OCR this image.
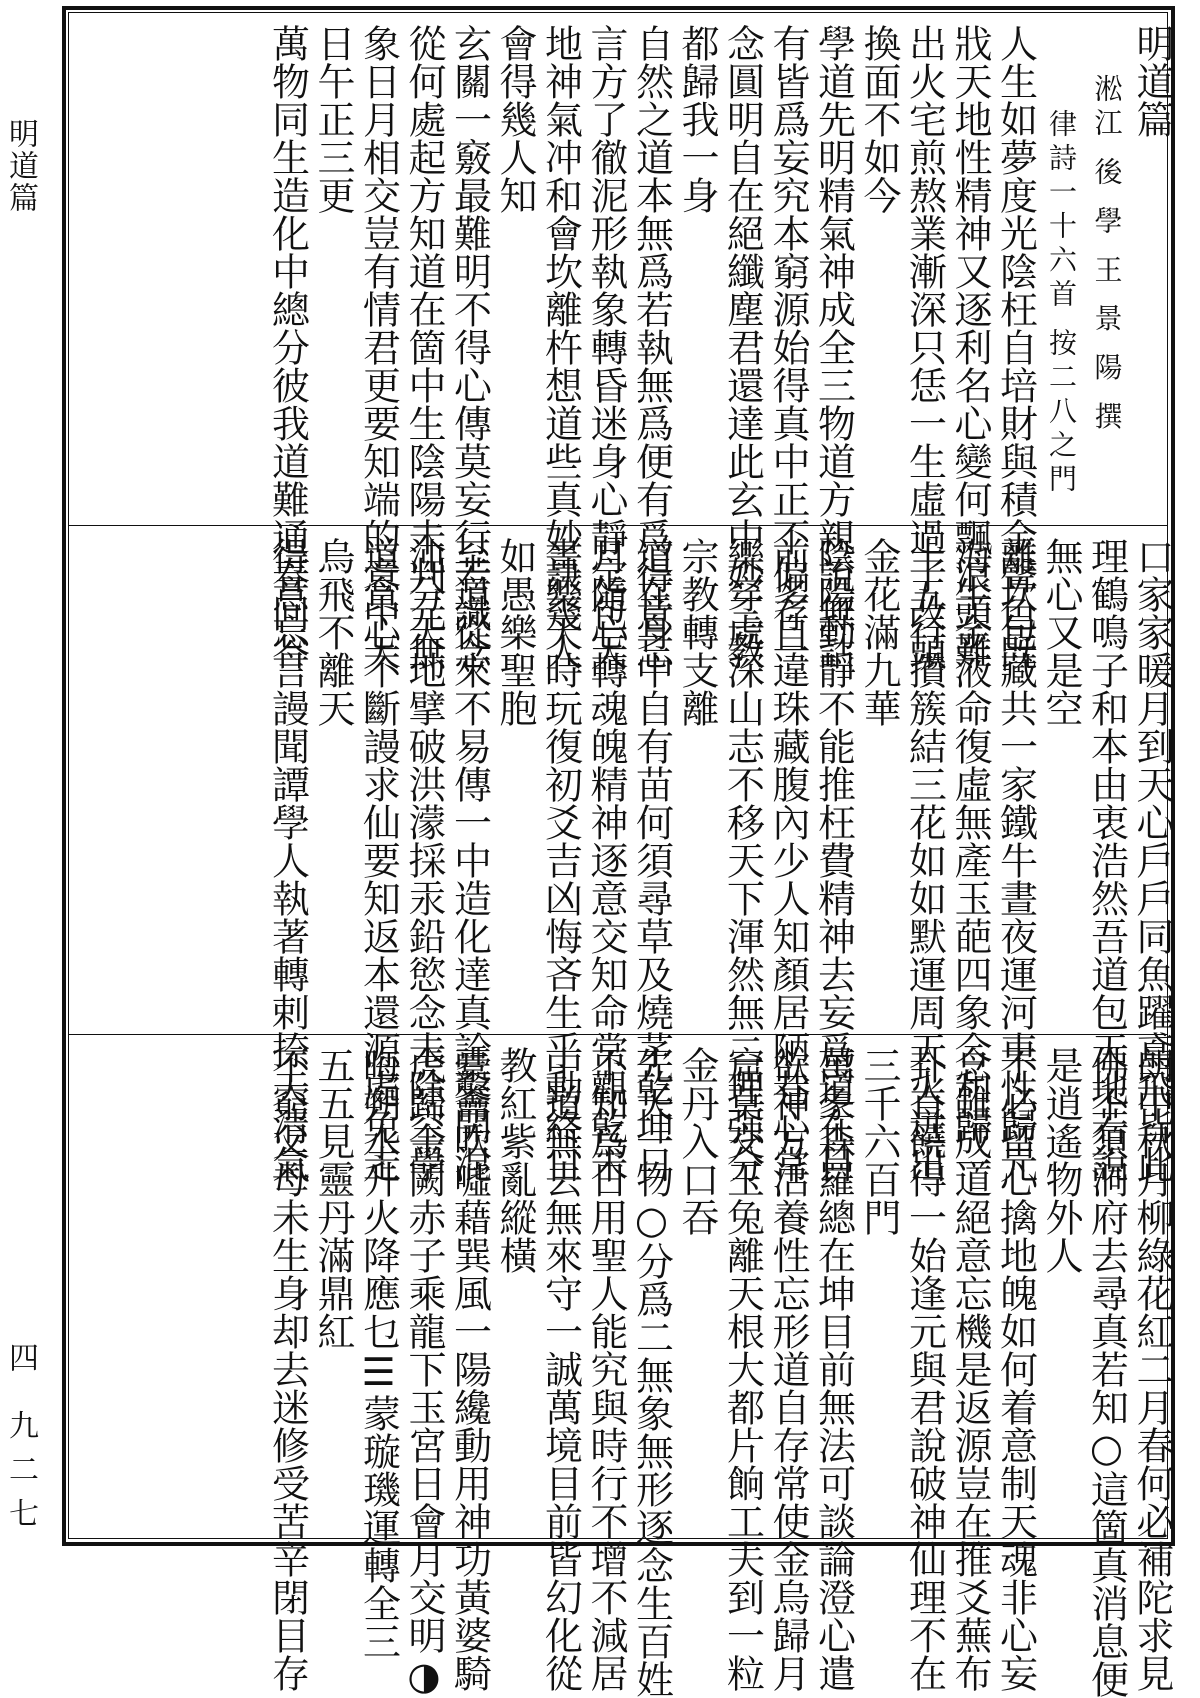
明道篇
四 九二七
明道篇
淞江 後 學 王 景 陽 撰
律詩一十六首 按二八之門
人生如夢度光陰枉自培財與積金聲色旣
戕天地性精神又逐利名心變何飄浪頭難
出火宅煎熬業漸深只恁一生虛過了改頭
換面不如今
學道先明精氣神成全三物道方親說無詁
有皆爲妄究本窮源始得真中正不偏存一
念圓明自在絕纖塵君還達此玄中妙三教
都歸我一身
自然之道本無爲若執無爲便有爲得意忘
言方了徹泥形執象轉昏迷身心靜定包天
地神氣冲和會坎離杵想道些真妙訣幾人
會得幾人知
玄關一竅最難明不得心傳莫妄行若識念
從何處起方知道在箇中生陰陽未判元無
象日月相交豈有情君更要知端的意中天
日午正三更
萬物同生造化中總分彼我道難通春回谷
口家家暖月到天心戶戶同魚躍鳶飛皆此
理鶴鳴子和本由衷浩然吾道包天地若說
無心又是空
離坎包藏共一家鐵牛晝夜運河車性歸元
海生金液命復虛無產玉葩四象合和歸一
土五行攢簇結三花如如默運周天火迸出
金花滿九華
陰陽動靜不能推枉費精神去妄爲道在目
前多自違珠藏腹內少人知顏居陋巷心常
樂穿處深山志不移天下渾然無二理强分
宗教轉支離
道在身中自有苗何須尋草及燒茅乾坤日
月隨心轉魂魄精神逐意交知命常觀乾未
畫樂天時玩復初爻吉凶悔吝生乎動終日
如愚樂聖胞
至道從來不易傳一中造化達真詮鑿開混
沌分天地擘破洪濛採汞鉛慾念未除空學
道貪心不斷謾求仙要知返本還源處免走
烏飛不離天
得意忘言謾聞譚學人執著轉剌捺天清氣
朗中秋月柳綠花紅二月春何必補陀求見
佛不須洞府去尋真若知○這箇真消息便
是逍遙物外人
不必留心擒地魄如何着意制天魂非心妄
念雖成道絕意忘機是返源豈在推爻蕪布
卦直饒得一始逢元與君說破神仙理不在
三千六百門
萬象森羅總在坤目前無法可談論澄心遣
欲神方活養性忘形道自存常使金烏歸月
窟莫交玉兔離天根大都片餉工夫到一粒
金丹入口吞
先天一物○分爲二無象無形逐念生百姓
不知爲日用聖人能究與時行不增不減居
中道無去無來守一誠萬境目前皆幻化從
教紅紫亂縱橫
橐籥吹噓藉巽風一陽纔動用神功黃婆騎
虎歸金闕赤子乘龍下玉宮日會月交明◑
晦朔水升火降應乜☰蒙璇璣運轉全三
五五見靈丹滿鼎紅
不窮父母未生身却去迷修受苦辛閉目存
